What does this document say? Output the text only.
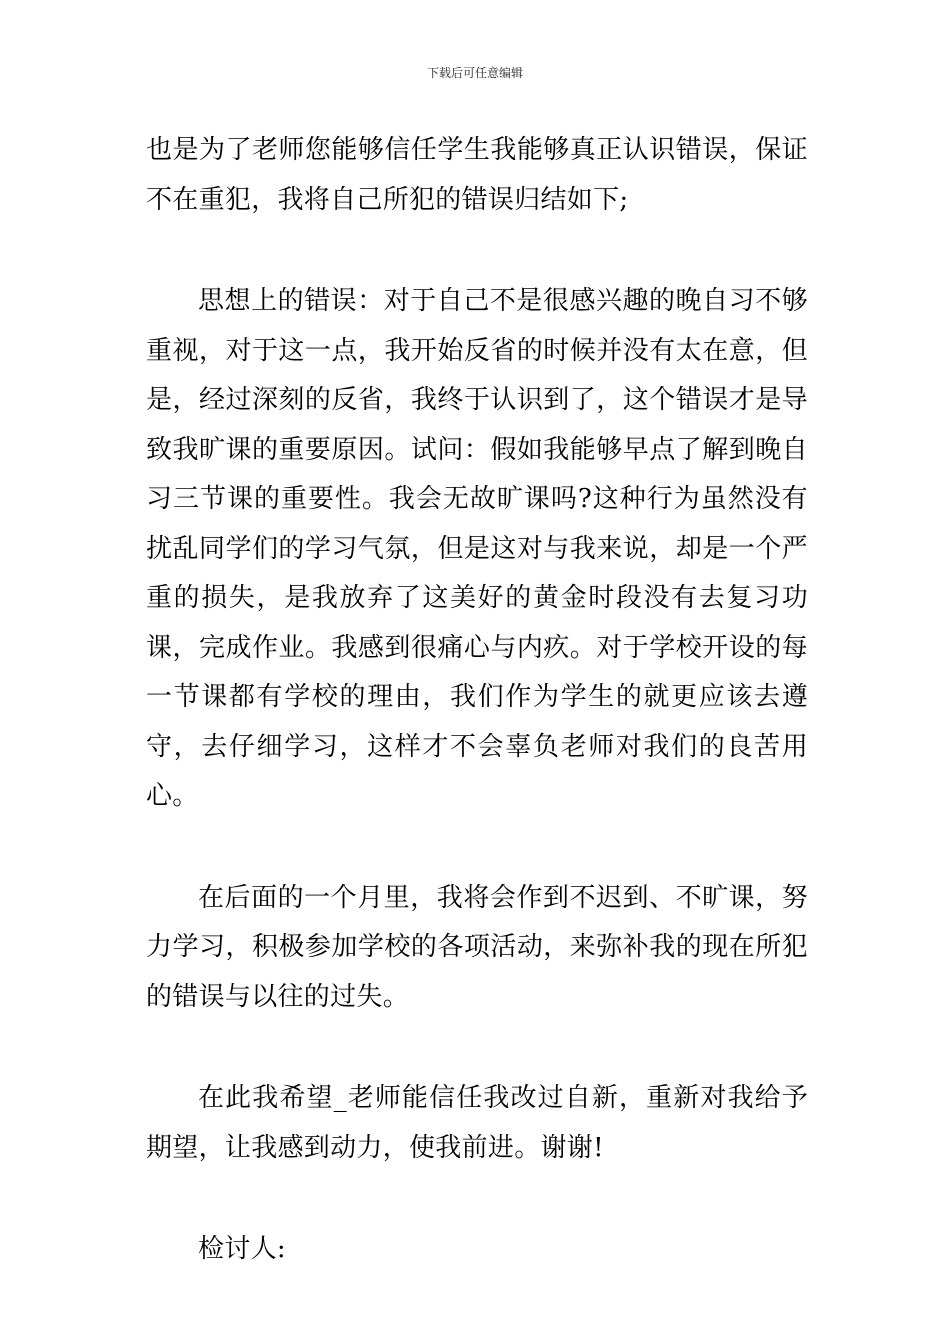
下载后可任意编辑

也是为了老师您能够信任学生我能够真正认识错误，保证不在重犯，我将自己所犯的错误归结如下;

思想上的错误：对于自己不是很感兴趣的晚自习不够重视，对于这一点，我开始反省的时候并没有太在意，但是，经过深刻的反省，我终于认识到了，这个错误才是导致我旷课的重要原因。试问：假如我能够早点了解到晚自习三节课的重要性。我会无故旷课吗?这种行为虽然没有扰乱同学们的学习气氛，但是这对与我来说，却是一个严重的损失，是我放弃了这美好的黄金时段没有去复习功课，完成作业。我感到很痛心与内疚。对于学校开设的每一节课都有学校的理由，我们作为学生的就更应该去遵守，去仔细学习，这样才不会辜负老师对我们的良苦用心。

在后面的一个月里，我将会作到不迟到、不旷课，努力学习，积极参加学校的各项活动，来弥补我的现在所犯的错误与以往的过失。

在此我希望_老师能信任我改过自新，重新对我给予期望，让我感到动力，使我前进。谢谢!

检讨人:
